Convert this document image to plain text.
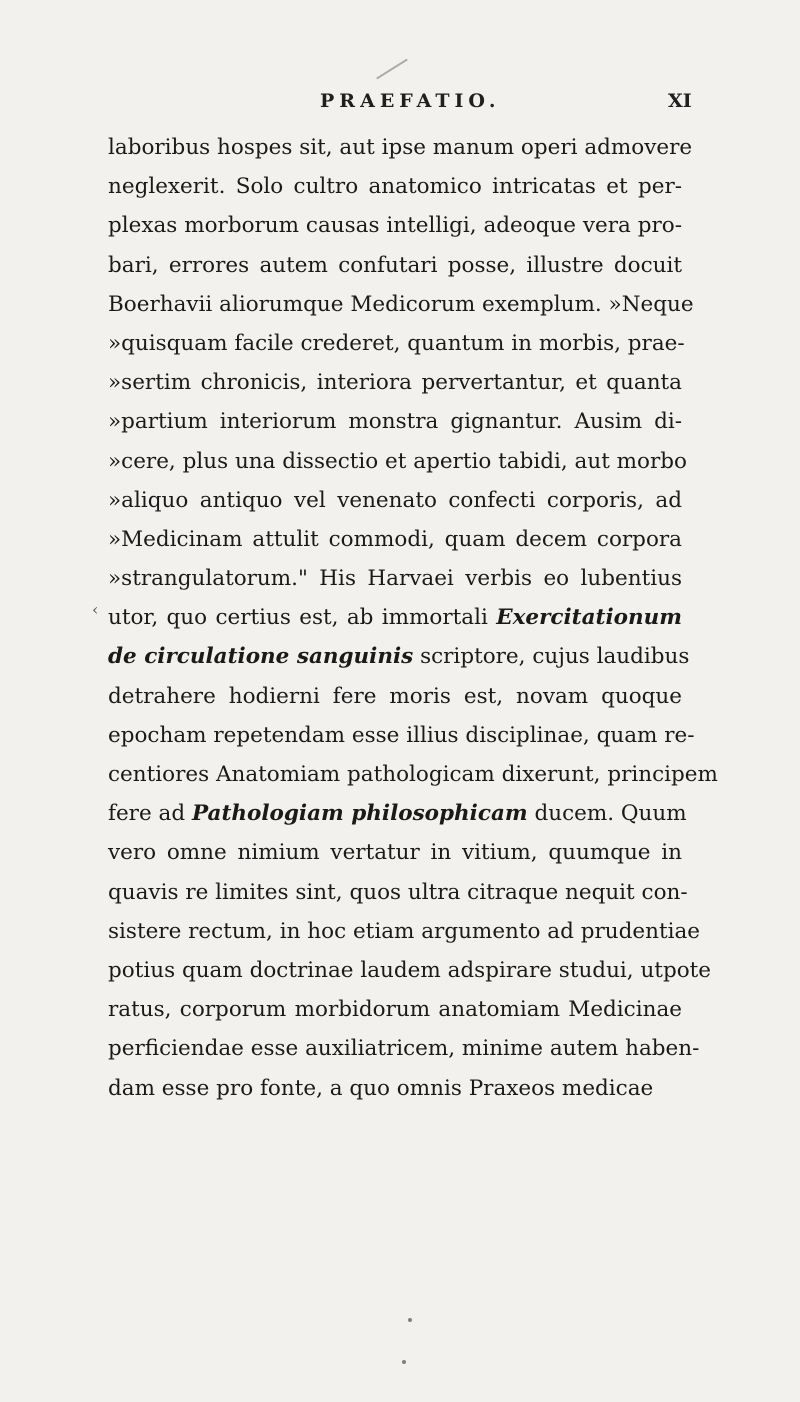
PRAEFATIO.	XI
‹
laboribus hospes sit, aut ipse manum operi admovere
neglexerit. Solo cultro anatomico intricatas et per-
plexas morborum causas intelligi, adeoque vera pro-
bari, errores autem confutari posse, illustre docuit
Boerhavii aliorumque Medicorum exemplum. »Neque
»quisquam facile crederet, quantum in morbis, prae-
»sertim chronicis, interiora pervertantur, et quanta
»partium interiorum monstra gignantur. Ausim di-
»cere, plus una dissectio et apertio tabidi, aut morbo
»aliquo antiquo vel venenato confecti corporis, ad
»Medicinam attulit commodi, quam decem corpora
»strangulatorum." His Harvaei verbis eo lubentius
utor, quo certius est, ab immortali Exercitationum
de circulatione sanguinis scriptore, cujus laudibus
detrahere hodierni fere moris est, novam quoque
epocham repetendam esse illius disciplinae, quam re-
centiores Anatomiam pathologicam dixerunt, principem
fere ad Pathologiam philosophicam ducem. Quum
vero omne nimium vertatur in vitium, quumque in
quavis re limites sint, quos ultra citraque nequit con-
sistere rectum, in hoc etiam argumento ad prudentiae
potius quam doctrinae laudem adspirare studui, utpote
ratus, corporum morbidorum anatomiam Medicinae
perficiendae esse auxiliatricem, minime autem haben-
dam esse pro fonte, a quo omnis Praxeos medicae
